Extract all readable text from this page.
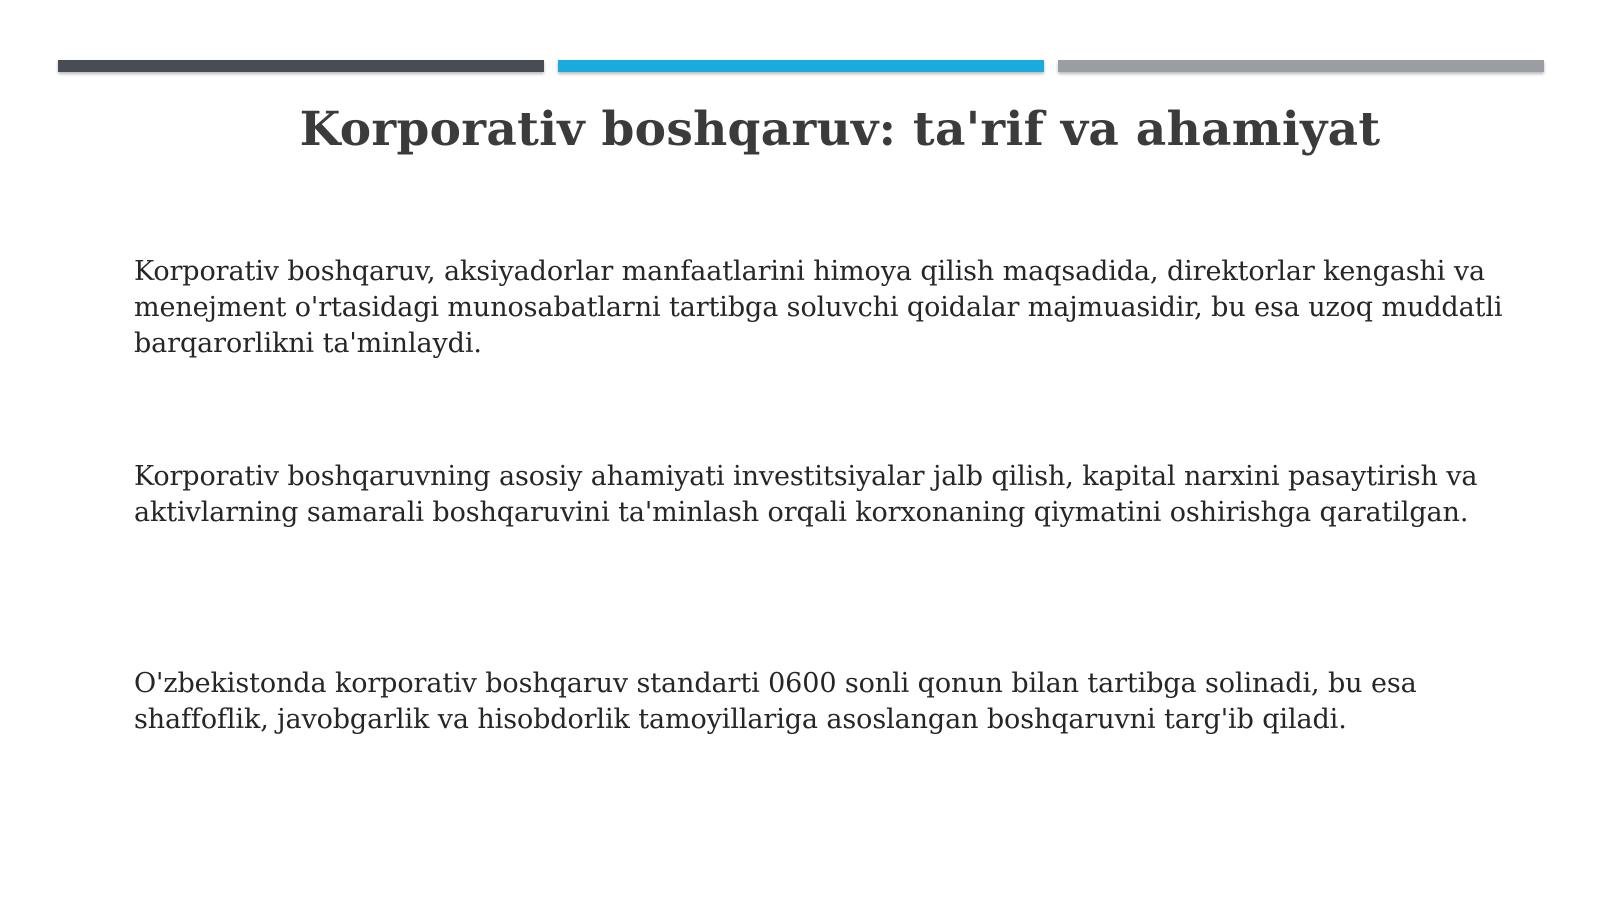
Korporativ boshqaruv: ta'rif va ahamiyat

Korporativ boshqaruv, aksiyadorlar manfaatlarini himoya qilish maqsadida, direktorlar kengashi va menejment o'rtasidagi munosabatlarni tartibga soluvchi qoidalar majmuasidir, bu esa uzoq muddatli barqarorlikni ta'minlaydi.

Korporativ boshqaruvning asosiy ahamiyati investitsiyalar jalb qilish, kapital narxini pasaytirish va aktivlarning samarali boshqaruvini ta'minlash orqali korxonaning qiymatini oshirishga qaratilgan.

O'zbekistonda korporativ boshqaruv standarti 0600 sonli qonun bilan tartibga solinadi, bu esa shaffoflik, javobgarlik va hisobdorlik tamoyillariga asoslangan boshqaruvni targ'ib qiladi.
